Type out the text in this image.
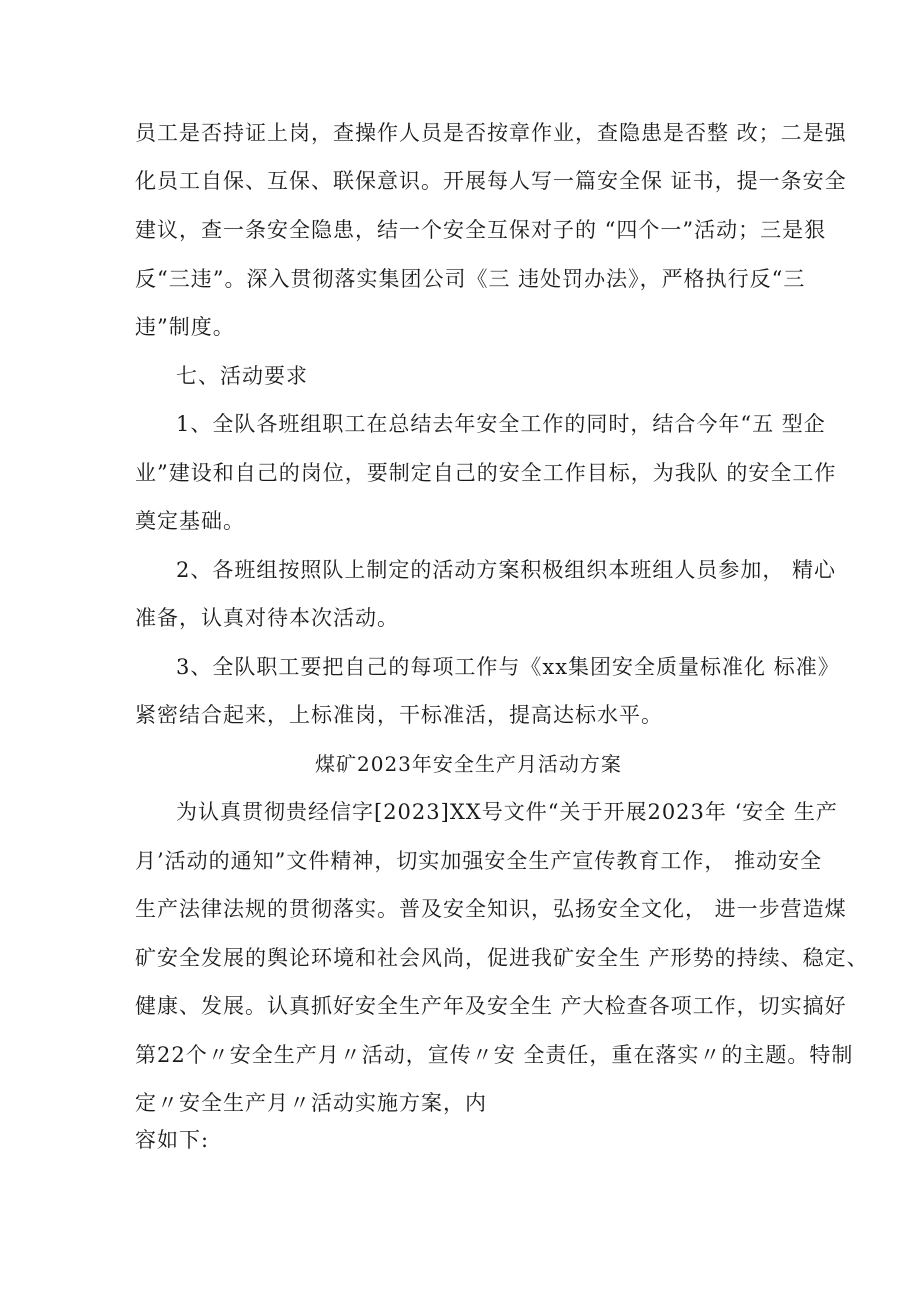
员工是否持证上岗，查操作人员是否按章作业，查隐患是否整 改；二是强

化员工自保、互保、联保意识。开展每人写一篇安全保 证书，提一条安全

建议，查一条安全隐患，结一个安全互保对子的 “四个一”活动；三是狠

反“三违”。深入贯彻落实集团公司《三 违处罚办法》，严格执行反“三

违”制度。

七、活动要求

1、全队各班组职工在总结去年安全工作的同时，结合今年“五 型企

业”建设和自己的岗位，要制定自己的安全工作目标，为我队 的安全工作

奠定基础。

2、各班组按照队上制定的活动方案积极组织本班组人员参加， 精心

准备，认真对待本次活动。

3、全队职工要把自己的每项工作与《xx集团安全质量标准化 标准》

紧密结合起来，上标准岗，干标准活，提高达标水平。

煤矿2023年安全生产月活动方案

为认真贯彻贵经信字[2023]XX号文件“关于开展2023年 ‘安全 生产

月’活动的通知”文件精神，切实加强安全生产宣传教育工作， 推动安全

生产法律法规的贯彻落实。普及安全知识，弘扬安全文化， 进一步营造煤

矿安全发展的舆论环境和社会风尚，促进我矿安全生 产形势的持续、稳定、

健康、发展。认真抓好安全生产年及安全生 产大检查各项工作，切实搞好

第22个〃安全生产月〃活动，宣传〃安 全责任，重在落实〃的主题。特制

定〃安全生产月〃活动实施方案，内

容如下:
